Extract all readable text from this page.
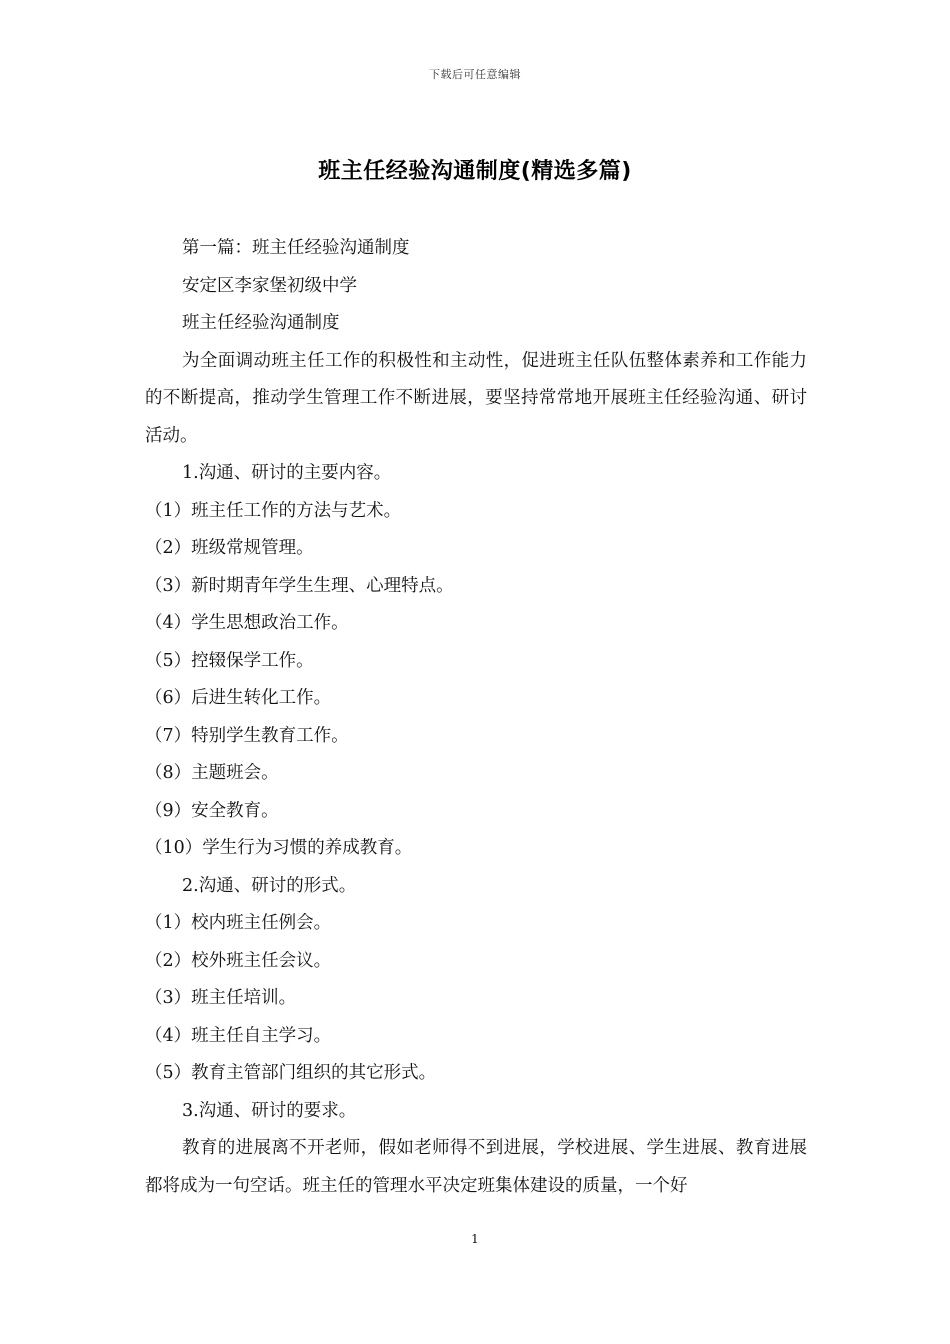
下载后可任意编辑
班主任经验沟通制度(精选多篇)

第一篇：班主任经验沟通制度

安定区李家堡初级中学

班主任经验沟通制度

为全面调动班主任工作的积极性和主动性，促进班主任队伍整体素养和工作能力的不断提高，推动学生管理工作不断进展，要坚持常常地开展班主任经验沟通、研讨活动。

1.沟通、研讨的主要内容。

（1）班主任工作的方法与艺术。

（2）班级常规管理。

（3）新时期青年学生生理、心理特点。

（4）学生思想政治工作。

（5）控辍保学工作。

（6）后进生转化工作。

（7）特别学生教育工作。

（8）主题班会。

（9）安全教育。

（10）学生行为习惯的养成教育。

2.沟通、研讨的形式。

（1）校内班主任例会。

（2）校外班主任会议。

（3）班主任培训。

（4）班主任自主学习。

（5）教育主管部门组织的其它形式。

3.沟通、研讨的要求。

教育的进展离不开老师，假如老师得不到进展，学校进展、学生进展、教育进展都将成为一句空话。班主任的管理水平决定班集体建设的质量，一个好

1
